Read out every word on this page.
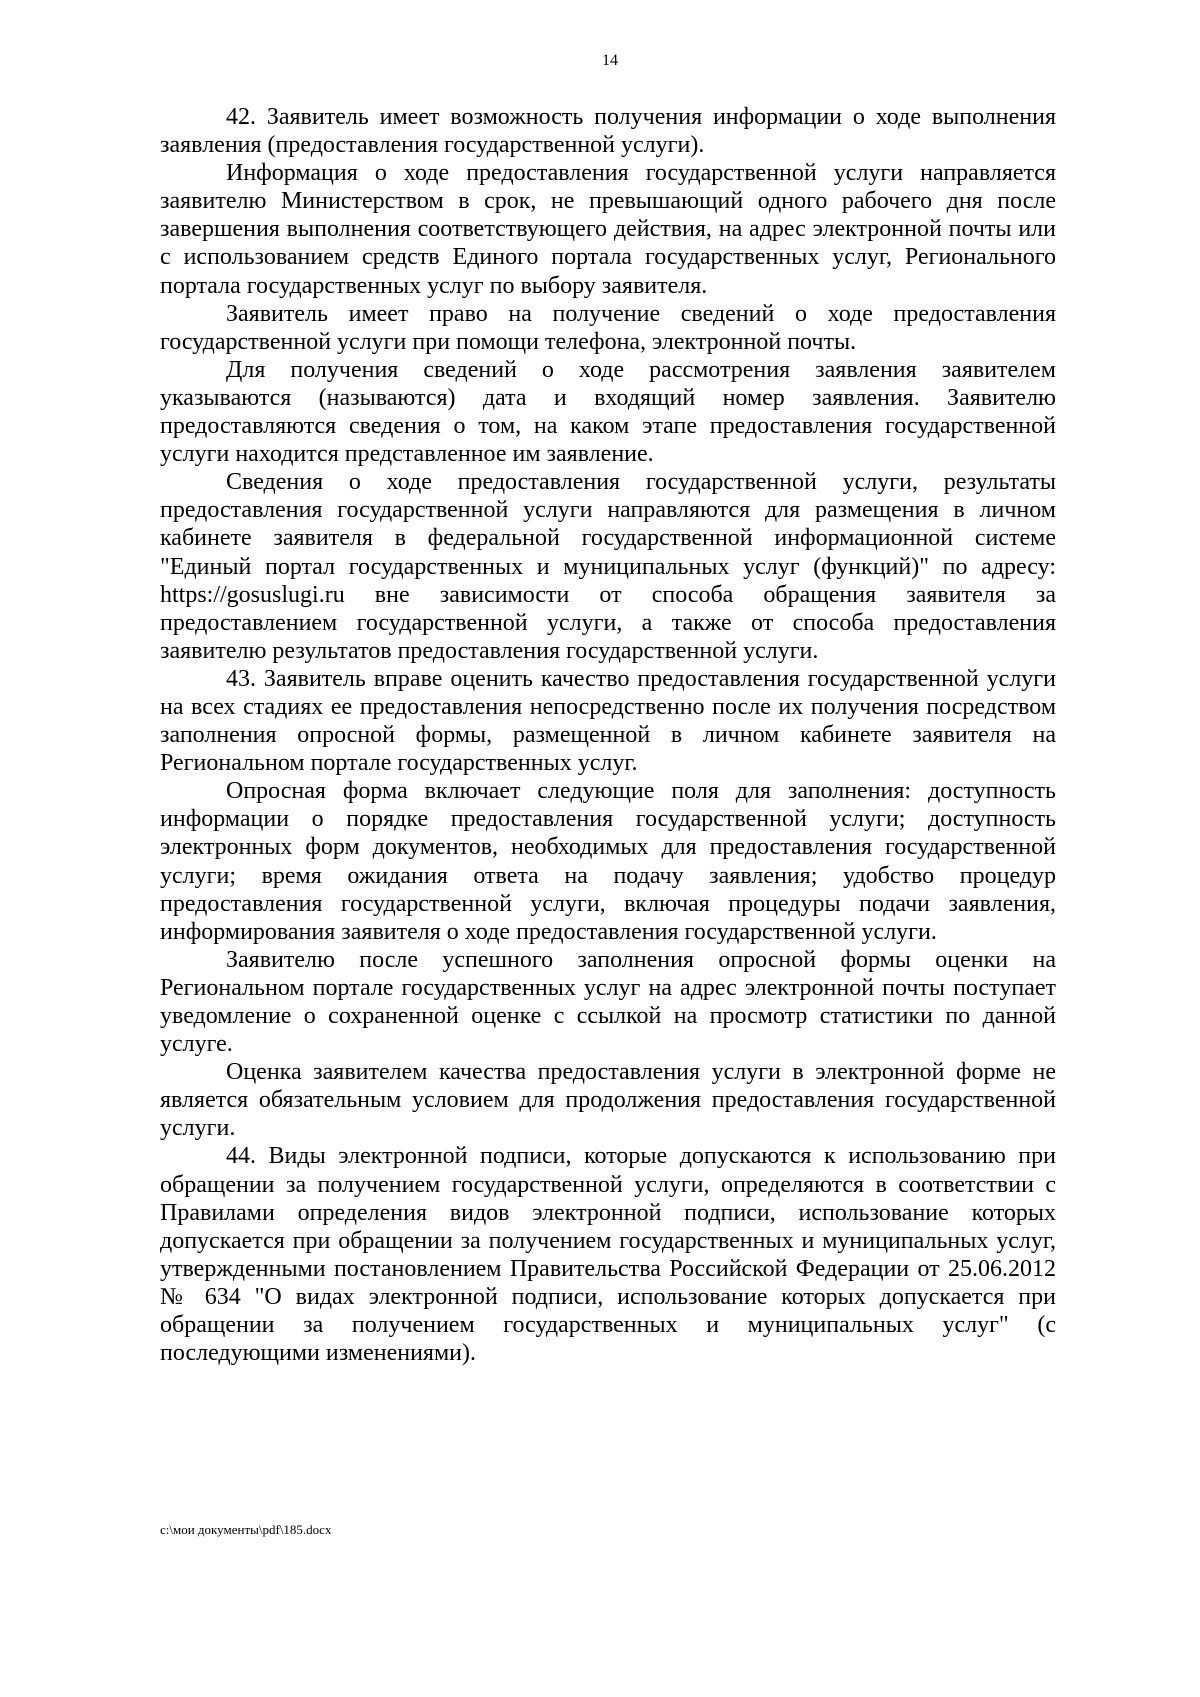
14

42. Заявитель имеет возможность получения информации о ходе выполнения заявления (предоставления государственной услуги).

Информация о ходе предоставления государственной услуги направляется заявителю Министерством в срок, не превышающий одного рабочего дня после завершения выполнения соответствующего действия, на адрес электронной почты или с использованием средств Единого портала государственных услуг, Регионального портала государственных услуг по выбору заявителя.

Заявитель имеет право на получение сведений о ходе предоставления государственной услуги при помощи телефона, электронной почты.

Для получения сведений о ходе рассмотрения заявления заявителем указываются (называются) дата и входящий номер заявления. Заявителю предоставляются сведения о том, на каком этапе предоставления государственной услуги находится представленное им заявление.

Сведения о ходе предоставления государственной услуги, результаты предоставления государственной услуги направляются для размещения в личном кабинете заявителя в федеральной государственной информационной системе "Единый портал государственных и муниципальных услуг (функций)" по адресу: https://gosuslugi.ru вне зависимости от способа обращения заявителя за предоставлением государственной услуги, а также от способа предоставления заявителю результатов предоставления государственной услуги.

43. Заявитель вправе оценить качество предоставления государственной услуги на всех стадиях ее предоставления непосредственно после их получения посредством заполнения опросной формы, размещенной в личном кабинете заявителя на Региональном портале государственных услуг.

Опросная форма включает следующие поля для заполнения: доступность информации о порядке предоставления государственной услуги; доступность электронных форм документов, необходимых для предоставления государственной услуги; время ожидания ответа на подачу заявления; удобство процедур предоставления государственной услуги, включая процедуры подачи заявления, информирования заявителя о ходе предоставления государственной услуги.

Заявителю после успешного заполнения опросной формы оценки на Региональном портале государственных услуг на адрес электронной почты поступает уведомление о сохраненной оценке с ссылкой на просмотр статистики по данной услуге.

Оценка заявителем качества предоставления услуги в электронной форме не является обязательным условием для продолжения предоставления государственной услуги.

44. Виды электронной подписи, которые допускаются к использованию при обращении за получением государственной услуги, определяются в соответствии с Правилами определения видов электронной подписи, использование которых допускается при обращении за получением государственных и муниципальных услуг, утвержденными постановлением Правительства Российской Федерации от 25.06.2012 № 634 "О видах электронной подписи, использование которых допускается при обращении за получением государственных и муниципальных услуг" (с последующими изменениями).

c:\мои документы\pdf\185.docx
